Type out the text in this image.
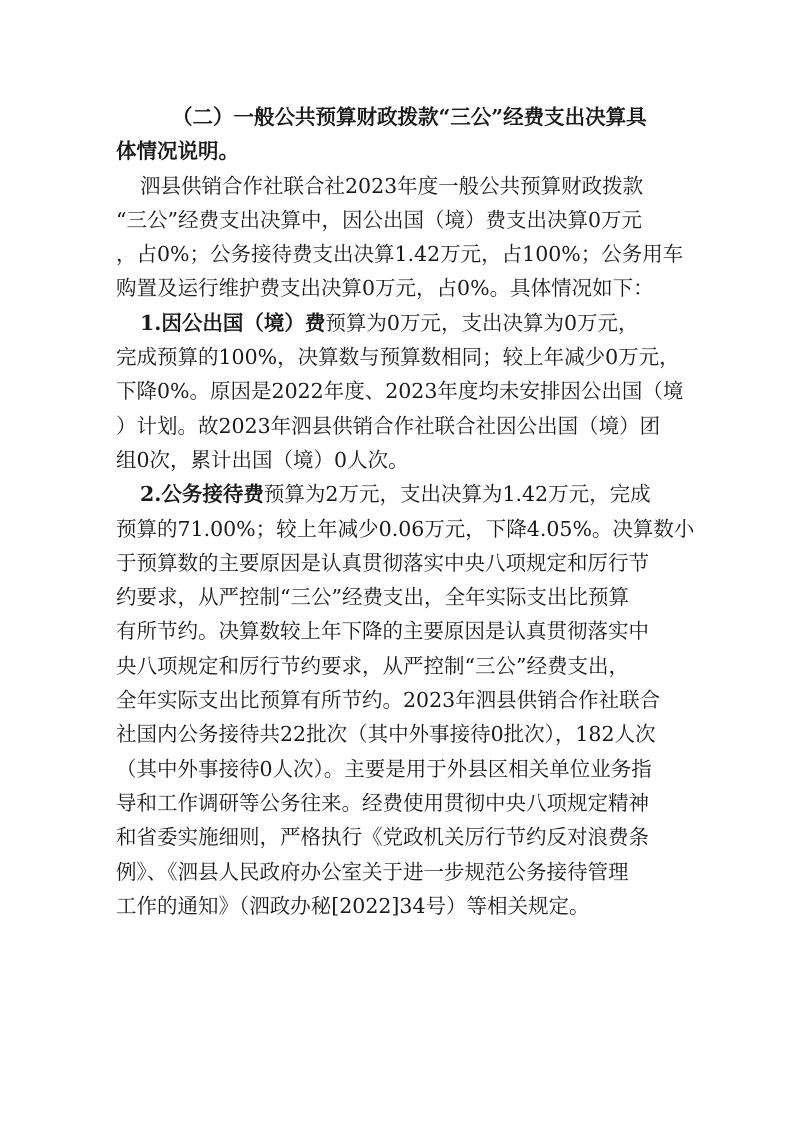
（二）一般公共预算财政拨款“三公”经费支出决算具
体情况说明。
泗县供销合作社联合社2023年度一般公共预算财政拨款
“三公”经费支出决算中，因公出国（境）费支出决算0万元
，占0%；公务接待费支出决算1.42万元，占100%；公务用车
购置及运行维护费支出决算0万元，占0%。具体情况如下：
1.因公出国（境）费预算为0万元，支出决算为0万元，
完成预算的100%，决算数与预算数相同；较上年减少0万元，
下降0%。原因是2022年度、2023年度均未安排因公出国（境
）计划。故2023年泗县供销合作社联合社因公出国（境）团
组0次，累计出国（境）0人次。
2.公务接待费预算为2万元，支出决算为1.42万元，完成
预算的71.00%；较上年减少0.06万元，下降4.05%。决算数小
于预算数的主要原因是认真贯彻落实中央八项规定和厉行节
约要求，从严控制“三公”经费支出，全年实际支出比预算
有所节约。决算数较上年下降的主要原因是认真贯彻落实中
央八项规定和厉行节约要求，从严控制“三公”经费支出，
全年实际支出比预算有所节约。2023年泗县供销合作社联合
社国内公务接待共22批次（其中外事接待0批次），182人次
（其中外事接待0人次）。主要是用于外县区相关单位业务指
导和工作调研等公务往来。经费使用贯彻中央八项规定精神
和省委实施细则，严格执行《党政机关厉行节约反对浪费条
例》、《泗县人民政府办公室关于进一步规范公务接待管理
工作的通知》（泗政办秘[2022]34号）等相关规定。
